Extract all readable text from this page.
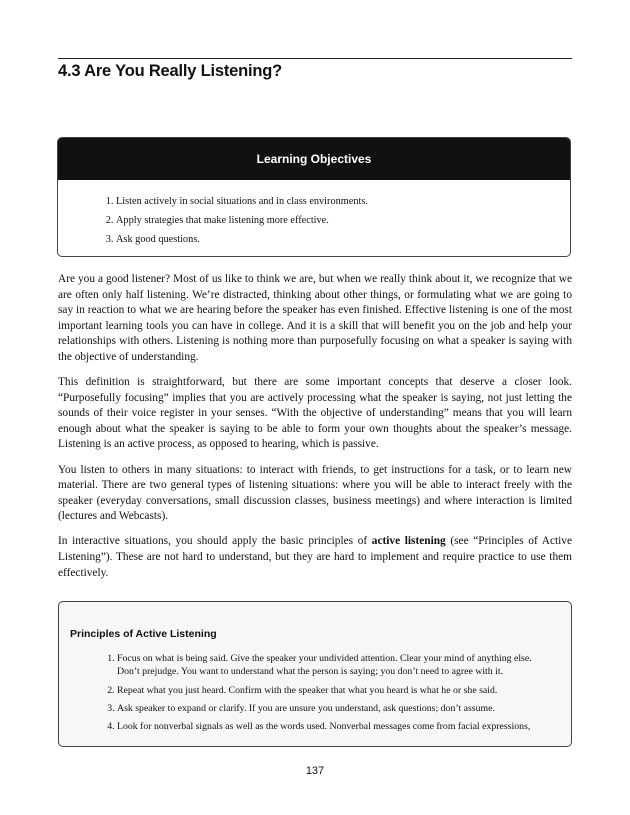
4.3 Are You Really Listening?
Learning Objectives
1. Listen actively in social situations and in class environments.
2. Apply strategies that make listening more effective.
3. Ask good questions.

Are you a good listener? Most of us like to think we are, but when we really think about it, we recognize that we are often only half listening. We’re distracted, thinking about other things, or formulating what we are going to say in reaction to what we are hearing before the speaker has even finished. Effective listening is one of the most important learning tools you can have in college. And it is a skill that will benefit you on the job and help your relationships with others. Listening is nothing more than purposefully focusing on what a speaker is saying with the objective of understanding.

This definition is straightforward, but there are some important concepts that deserve a closer look. “Purposefully focusing” implies that you are actively processing what the speaker is saying, not just letting the sounds of their voice register in your senses. “With the objective of understanding” means that you will learn enough about what the speaker is saying to be able to form your own thoughts about the speaker’s message. Listening is an active process, as opposed to hearing, which is passive.

You listen to others in many situations: to interact with friends, to get instructions for a task, or to learn new material. There are two general types of listening situations: where you will be able to interact freely with the speaker (everyday conversations, small discussion classes, business meetings) and where interaction is limited (lectures and Webcasts).

In interactive situations, you should apply the basic principles of active listening (see “Principles of Active Listening”). These are not hard to understand, but they are hard to implement and require practice to use them effectively.

Principles of Active Listening
1. Focus on what is being said. Give the speaker your undivided attention. Clear your mind of anything else. Don’t prejudge. You want to understand what the person is saying; you don’t need to agree with it.
2. Repeat what you just heard. Confirm with the speaker that what you heard is what he or she said.
3. Ask speaker to expand or clarify. If you are unsure you understand, ask questions; don’t assume.
4. Look for nonverbal signals as well as the words used. Nonverbal messages come from facial expressions,
137
